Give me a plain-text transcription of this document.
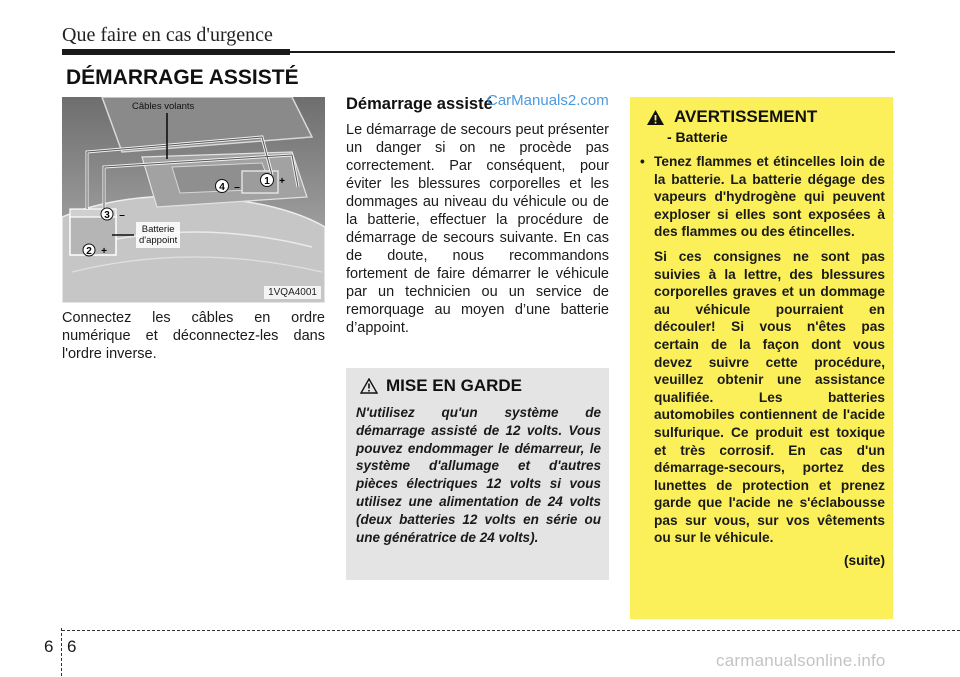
Que faire en cas d'urgence
DÉMARRAGE ASSISTÉ
1
4
3
2
+
–
–
+
Câbles volants
Batterie
d'appoint
1VQA4001
Connectez les câbles en ordre numérique et déconnectez-les dans l'ordre inverse.
Démarrage assisté
CarManuals2.com
Le démarrage de secours peut présenter un danger si on ne procède pas correctement. Par conséquent, pour éviter les blessures corporelles et les dommages au niveau du véhicule ou de la batterie, effectuer la procédure de démarrage de secours suivante. En cas de doute, nous recommandons fortement de faire démarrer le véhicule par un technicien ou un service de remorquage au moyen d’une batterie d’appoint.
MISE EN GARDE
N'utilisez qu'un système de démarrage assisté de 12 volts. Vous pouvez endommager le démarreur, le système d'allumage et d'autres pièces électriques 12 volts si vous utilisez une alimentation de 24 volts (deux batteries 12 volts en série ou une génératrice de 24 volts).
AVERTISSEMENT
- Batterie
• Tenez flammes et étincelles loin de la batterie. La batterie dégage des vapeurs d'hydrogène qui peuvent exploser si elles sont exposées à des flammes ou des étincelles.

Si ces consignes ne sont pas suivies à la lettre, des blessures corporelles graves et un dommage au véhicule pourraient en découler! Si vous n'êtes pas certain de la façon dont vous devez suivre cette procédure, veuillez obtenir une assistance qualifiée. Les batteries automobiles contiennent de l'acide sulfurique. Ce produit est toxique et très corrosif. En cas d'un démarrage-secours, portez des lunettes de protection et prenez garde que l'acide ne s'éclabousse pas sur vous, sur vos vêtements ou sur le véhicule.

(suite)
6 6
carmanualsonline.info
